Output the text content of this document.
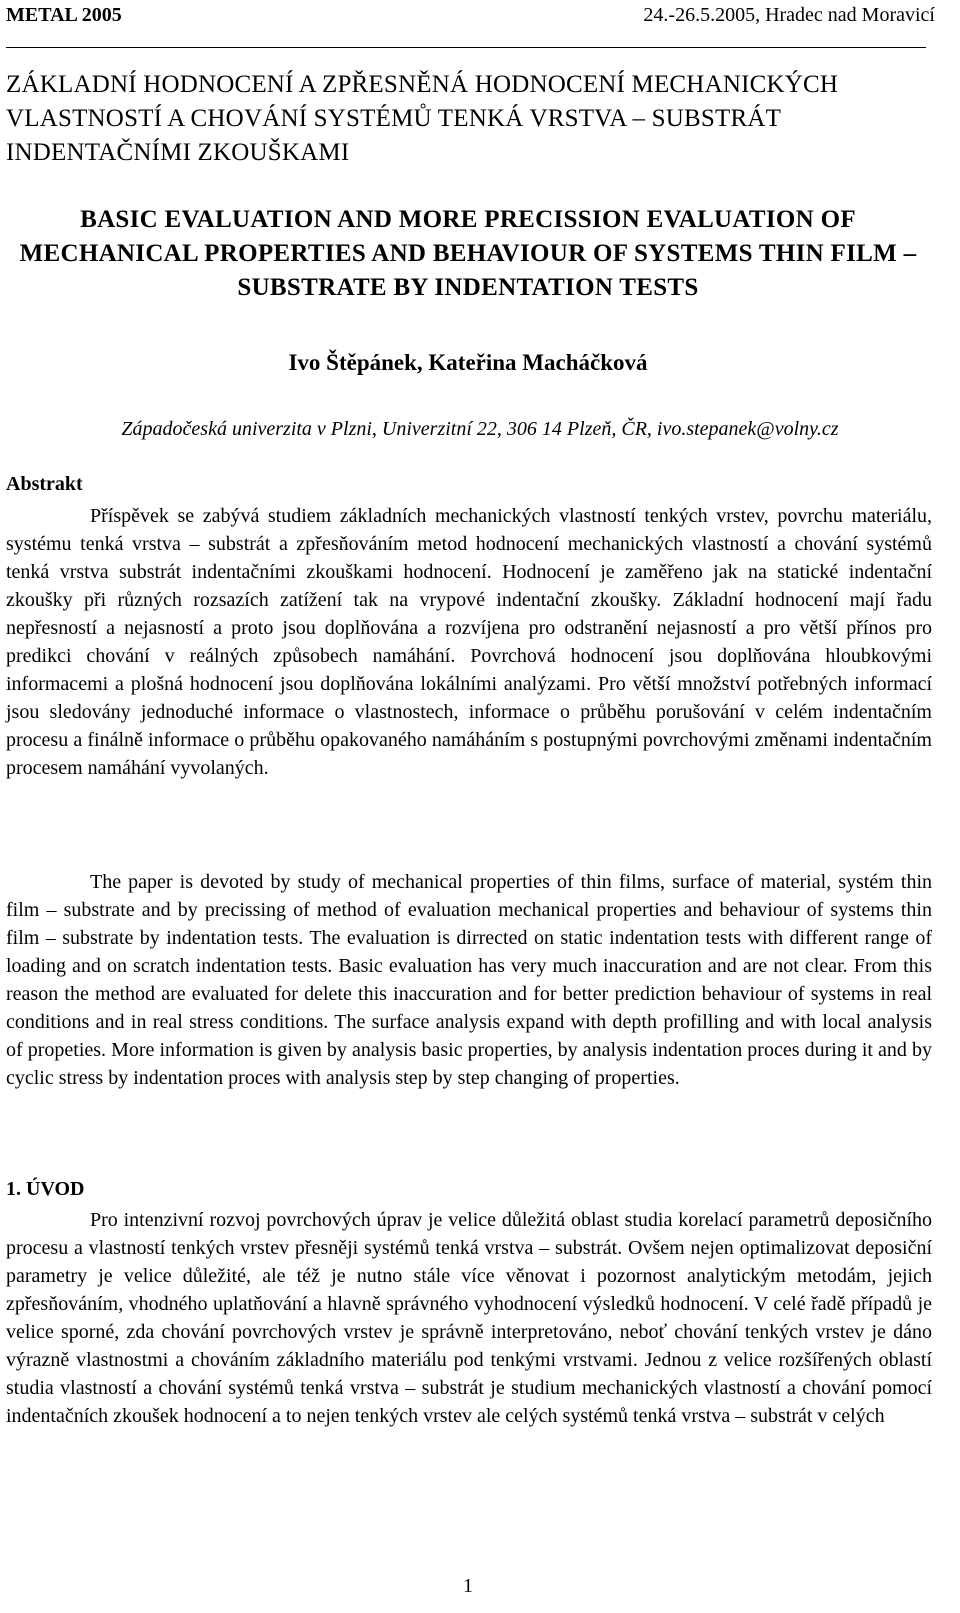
METAL 2005	24.-26.5.2005, Hradec nad Moravicí
ZÁKLADNÍ HODNOCENÍ A ZPŘESNĚNÁ HODNOCENÍ MECHANICKÝCH VLASTNOSTÍ A CHOVÁNÍ SYSTÉMŮ TENKÁ VRSTVA – SUBSTRÁT INDENTAČNÍMI ZKOUŠKAMI
BASIC EVALUATION AND MORE PRECISSION EVALUATION OF MECHANICAL PROPERTIES AND BEHAVIOUR OF SYSTEMS THIN FILM – SUBSTRATE BY INDENTATION TESTS
Ivo Štěpánek, Kateřina Macháčková
Západočeská univerzita v Plzni, Univerzitní 22, 306 14 Plzeň, ČR, ivo.stepanek@volny.cz
Abstrakt

Příspěvek se zabývá studiem základních mechanických vlastností tenkých vrstev, povrchu materiálu, systému tenká vrstva – substrát a zpřesňováním metod hodnocení mechanických vlastností a chování systémů tenká vrstva substrát indentačními zkouškami hodnocení. Hodnocení je zaměřeno jak na statické indentační zkoušky při různých rozsazích zatížení tak na vrypové indentační zkoušky. Základní hodnocení mají řadu nepřesností a nejasností a proto jsou doplňována a rozvíjena pro odstranění nejasností a pro větší přínos pro predikci chování v reálných způsobech namáhání. Povrchová hodnocení jsou doplňována hloubkovými informacemi a plošná hodnocení jsou doplňována lokálními analýzami. Pro větší množství potřebných informací jsou sledovány jednoduché informace o vlastnostech, informace o průběhu porušování v celém indentačním procesu a finálně informace o průběhu opakovaného namáháním s postupnými povrchovými změnami indentačním procesem namáhání vyvolaných.

The paper is devoted by study of mechanical properties of thin films, surface of material, systém thin film – substrate and by precissing of method of evaluation mechanical properties and behaviour of systems thin film – substrate by indentation tests. The evaluation is dirrected on static indentation tests with different range of loading and on scratch indentation tests. Basic evaluation has very much inaccuration and are not clear. From this reason the method are evaluated for delete this inaccuration and for better prediction behaviour of systems in real conditions and in real stress conditions. The surface analysis expand with depth profilling and with local analysis of propeties. More information is given by analysis basic properties, by analysis indentation proces during it and by cyclic stress by indentation proces with analysis step by step changing of properties.

1. ÚVOD

Pro intenzivní rozvoj povrchových úprav je velice důležitá oblast studia korelací parametrů deposičního procesu a vlastností tenkých vrstev přesněji systémů tenká vrstva – substrát. Ovšem nejen optimalizovat deposiční parametry je velice důležité, ale též je nutno stále více věnovat i pozornost analytickým metodám, jejich zpřesňováním, vhodného uplatňování a hlavně správného vyhodnocení výsledků hodnocení. V celé řadě případů je velice sporné, zda chování povrchových vrstev je správně interpretováno, neboť chování tenkých vrstev je dáno výrazně vlastnostmi a chováním základního materiálu pod tenkými vrstvami. Jednou z velice rozšířených oblastí studia vlastností a chování systémů tenká vrstva – substrát je studium mechanických vlastností a chování pomocí indentačních zkoušek hodnocení a to nejen tenkých vrstev ale celých systémů tenká vrstva – substrát v celých

1
